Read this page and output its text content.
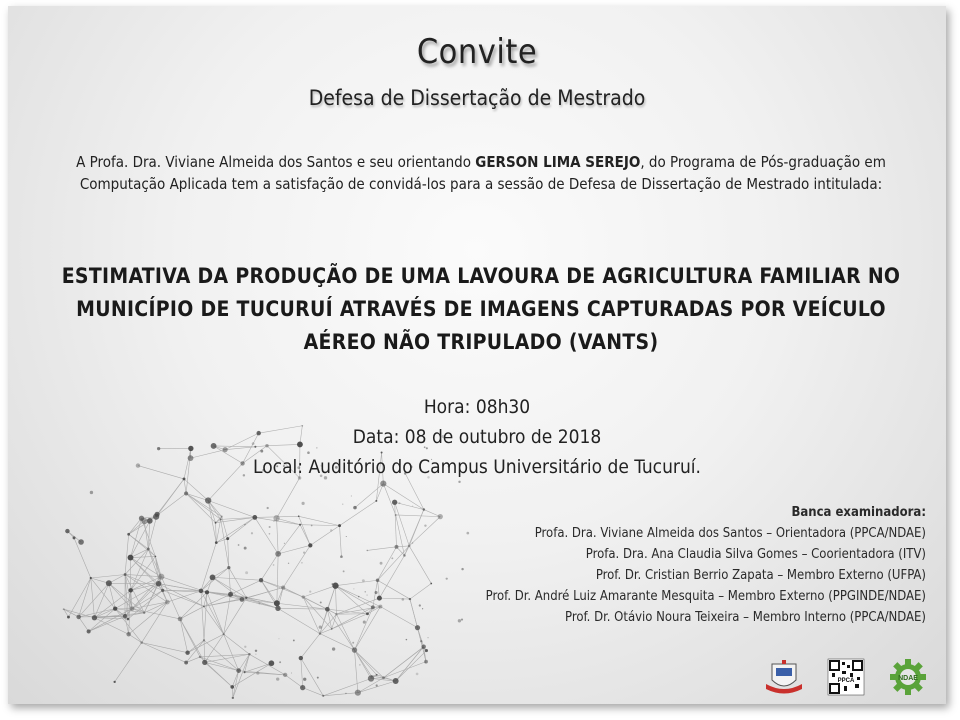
Convite
Defesa de Dissertação de Mestrado
A Profa. Dra. Viviane Almeida dos Santos e seu orientando GERSON LIMA SEREJO, do Programa de Pós-graduação em Computação Aplicada tem a satisfação de convidá-los para a sessão de Defesa de Dissertação de Mestrado intitulada:
ESTIMATIVA DA PRODUÇÃO DE UMA LAVOURA DE AGRICULTURA FAMILIAR NO MUNICÍPIO DE TUCURUÍ ATRAVÉS DE IMAGENS CAPTURADAS POR VEÍCULO AÉREO NÃO TRIPULADO (VANTS)
Hora: 08h30
Data: 08 de outubro de 2018
Local: Auditório do Campus Universitário de Tucuruí.
Banca examinadora:
Profa. Dra. Viviane Almeida dos Santos – Orientadora (PPCA/NDAE)
Profa. Dra. Ana Claudia Silva Gomes – Coorientadora (ITV)
Prof. Dr. Cristian Berrio Zapata – Membro Externo (UFPA)
Prof. Dr. André Luiz Amarante Mesquita – Membro Externo (PPGINDE/NDAE)
Prof. Dr. Otávio Noura Teixeira – Membro Interno (PPCA/NDAE)
PPCA	NDAE
